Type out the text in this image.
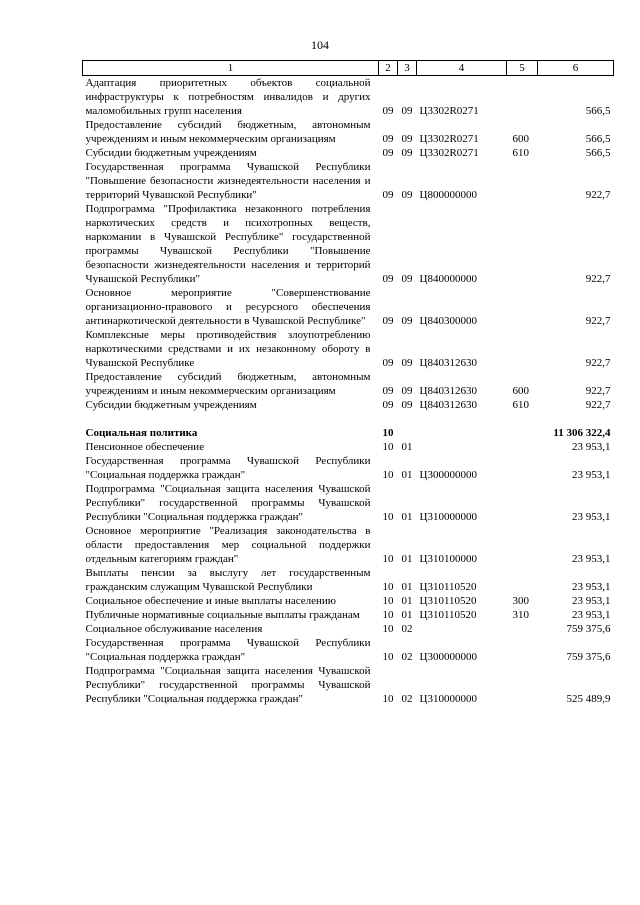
104
1	2	3	4	5	6
Адаптация приоритетных объектов социальной инфраструктуры к потребностям инвалидов и других маломобильных групп населения	09	09	Ц3302R0271		566,5
Предоставление субсидий бюджетным, автономным учреждениям и иным некоммерческим организациям	09	09	Ц3302R0271	600	566,5
Субсидии бюджетным учреждениям	09	09	Ц3302R0271	610	566,5
Государственная программа Чувашской Республики "Повышение безопасности жизнедеятельности населения и территорий Чувашской Республики"	09	09	Ц800000000		922,7
Подпрограмма "Профилактика незаконного потребления наркотических средств и психотропных веществ, наркомании в Чувашской Республике" государственной программы Чувашской Республики "Повышение безопасности жизнедеятельности населения и территорий Чувашской Республики"	09	09	Ц840000000		922,7
Основное мероприятие "Совершенствование организационно-правового и ресурсного обеспечения антинаркотической деятельности в Чувашской Республике"	09	09	Ц840300000		922,7
Комплексные меры противодействия злоупотреблению наркотическими средствами и их незаконному обороту в Чувашской Республике	09	09	Ц840312630		922,7
Предоставление субсидий бюджетным, автономным учреждениям и иным некоммерческим организациям	09	09	Ц840312630	600	922,7
Субсидии бюджетным учреждениям	09	09	Ц840312630	610	922,7

Социальная политика	10				11 306 322,4
Пенсионное обеспечение	10	01			23 953,1
Государственная программа Чувашской Республики "Социальная поддержка граждан"	10	01	Ц300000000		23 953,1
Подпрограмма "Социальная защита населения Чувашской Республики" государственной программы Чувашской Республики "Социальная поддержка граждан"	10	01	Ц310000000		23 953,1
Основное мероприятие "Реализация законодательства в области предоставления мер социальной поддержки отдельным категориям граждан"	10	01	Ц310100000		23 953,1
Выплаты пенсии за выслугу лет государственным гражданским служащим Чувашской Республики	10	01	Ц310110520		23 953,1
Социальное обеспечение и иные выплаты населению	10	01	Ц310110520	300	23 953,1
Публичные нормативные социальные выплаты гражданам	10	01	Ц310110520	310	23 953,1
Социальное обслуживание населения	10	02			759 375,6
Государственная программа Чувашской Республики "Социальная поддержка граждан"	10	02	Ц300000000		759 375,6
Подпрограмма "Социальная защита населения Чувашской Республики" государственной программы Чувашской Республики "Социальная поддержка граждан"	10	02	Ц310000000		525 489,9
